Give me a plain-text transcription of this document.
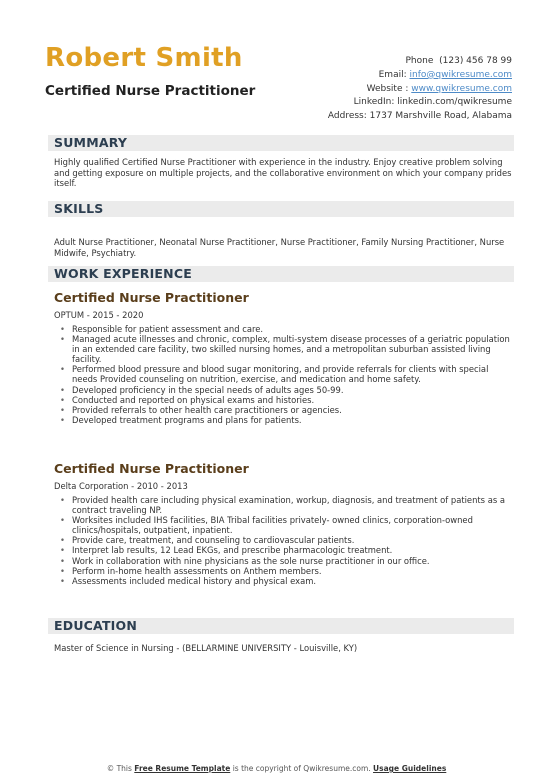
Robert Smith
Certified Nurse Practitioner
Phone (123) 456 78 99
Email: info@qwikresume.com
Website : www.qwikresume.com
LinkedIn: linkedin.com/qwikresume
Address: 1737 Marshville Road, Alabama
SUMMARY
Highly qualified Certified Nurse Practitioner with experience in the industry. Enjoy creative problem solving and getting exposure on multiple projects, and the collaborative environment on which your company prides itself.
SKILLS
Adult Nurse Practitioner, Neonatal Nurse Practitioner, Nurse Practitioner, Family Nursing Practitioner, Nurse Midwife, Psychiatry.
WORK EXPERIENCE
Certified Nurse Practitioner
OPTUM - 2015 - 2020
• Responsible for patient assessment and care.
• Managed acute illnesses and chronic, complex, multi-system disease processes of a geriatric population in an extended care facility, two skilled nursing homes, and a metropolitan suburban assisted living facility.
• Performed blood pressure and blood sugar monitoring, and provide referrals for clients with special needs Provided counseling on nutrition, exercise, and medication and home safety.
• Developed proficiency in the special needs of adults ages 50-99.
• Conducted and reported on physical exams and histories.
• Provided referrals to other health care practitioners or agencies.
• Developed treatment programs and plans for patients.
Certified Nurse Practitioner
Delta Corporation - 2010 - 2013
• Provided health care including physical examination, workup, diagnosis, and treatment of patients as a contract traveling NP.
• Worksites included IHS facilities, BIA Tribal facilities privately- owned clinics, corporation-owned clinics/hospitals, outpatient, inpatient.
• Provide care, treatment, and counseling to cardiovascular patients.
• Interpret lab results, 12 Lead EKGs, and prescribe pharmacologic treatment.
• Work in collaboration with nine physicians as the sole nurse practitioner in our office.
• Perform in-home health assessments on Anthem members.
• Assessments included medical history and physical exam.
EDUCATION
Master of Science in Nursing - (BELLARMINE UNIVERSITY - Louisville, KY)
© This Free Resume Template is the copyright of Qwikresume.com. Usage Guidelines
